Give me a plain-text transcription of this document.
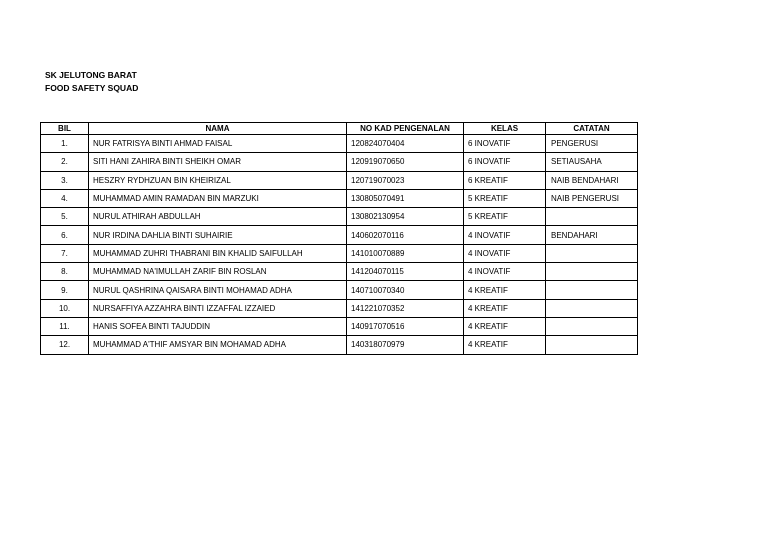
SK JELUTONG BARAT
FOOD SAFETY SQUAD
BIL	NAMA	NO KAD PENGENALAN	KELAS	CATATAN
1.	NUR FATRISYA BINTI AHMAD FAISAL	120824070404	6 INOVATIF	PENGERUSI
2.	SITI HANI ZAHIRA BINTI SHEIKH OMAR	120919070650	6 INOVATIF	SETIAUSAHA
3.	HESZRY RYDHZUAN BIN KHEIRIZAL	120719070023	6 KREATIF	NAIB BENDAHARI
4.	MUHAMMAD AMIN RAMADAN BIN MARZUKI	130805070491	5 KREATIF	NAIB PENGERUSI
5.	NURUL ATHIRAH ABDULLAH	130802130954	5 KREATIF	
6.	NUR IRDINA DAHLIA BINTI SUHAIRIE	140602070116	4 INOVATIF	BENDAHARI
7.	MUHAMMAD ZUHRI THABRANI BIN KHALID SAIFULLAH	141010070889	4 INOVATIF	
8.	MUHAMMAD NA'IMULLAH ZARIF BIN ROSLAN	141204070115	4 INOVATIF	
9.	NURUL QASHRINA QAISARA BINTI MOHAMAD ADHA	140710070340	4 KREATIF	
10.	NURSAFFIYA AZZAHRA BINTI IZZAFFAL IZZAIED	141221070352	4 KREATIF	
11.	HANIS SOFEA BINTI TAJUDDIN	140917070516	4 KREATIF	
12.	MUHAMMAD A'THIF AMSYAR BIN MOHAMAD ADHA	140318070979	4 KREATIF	
